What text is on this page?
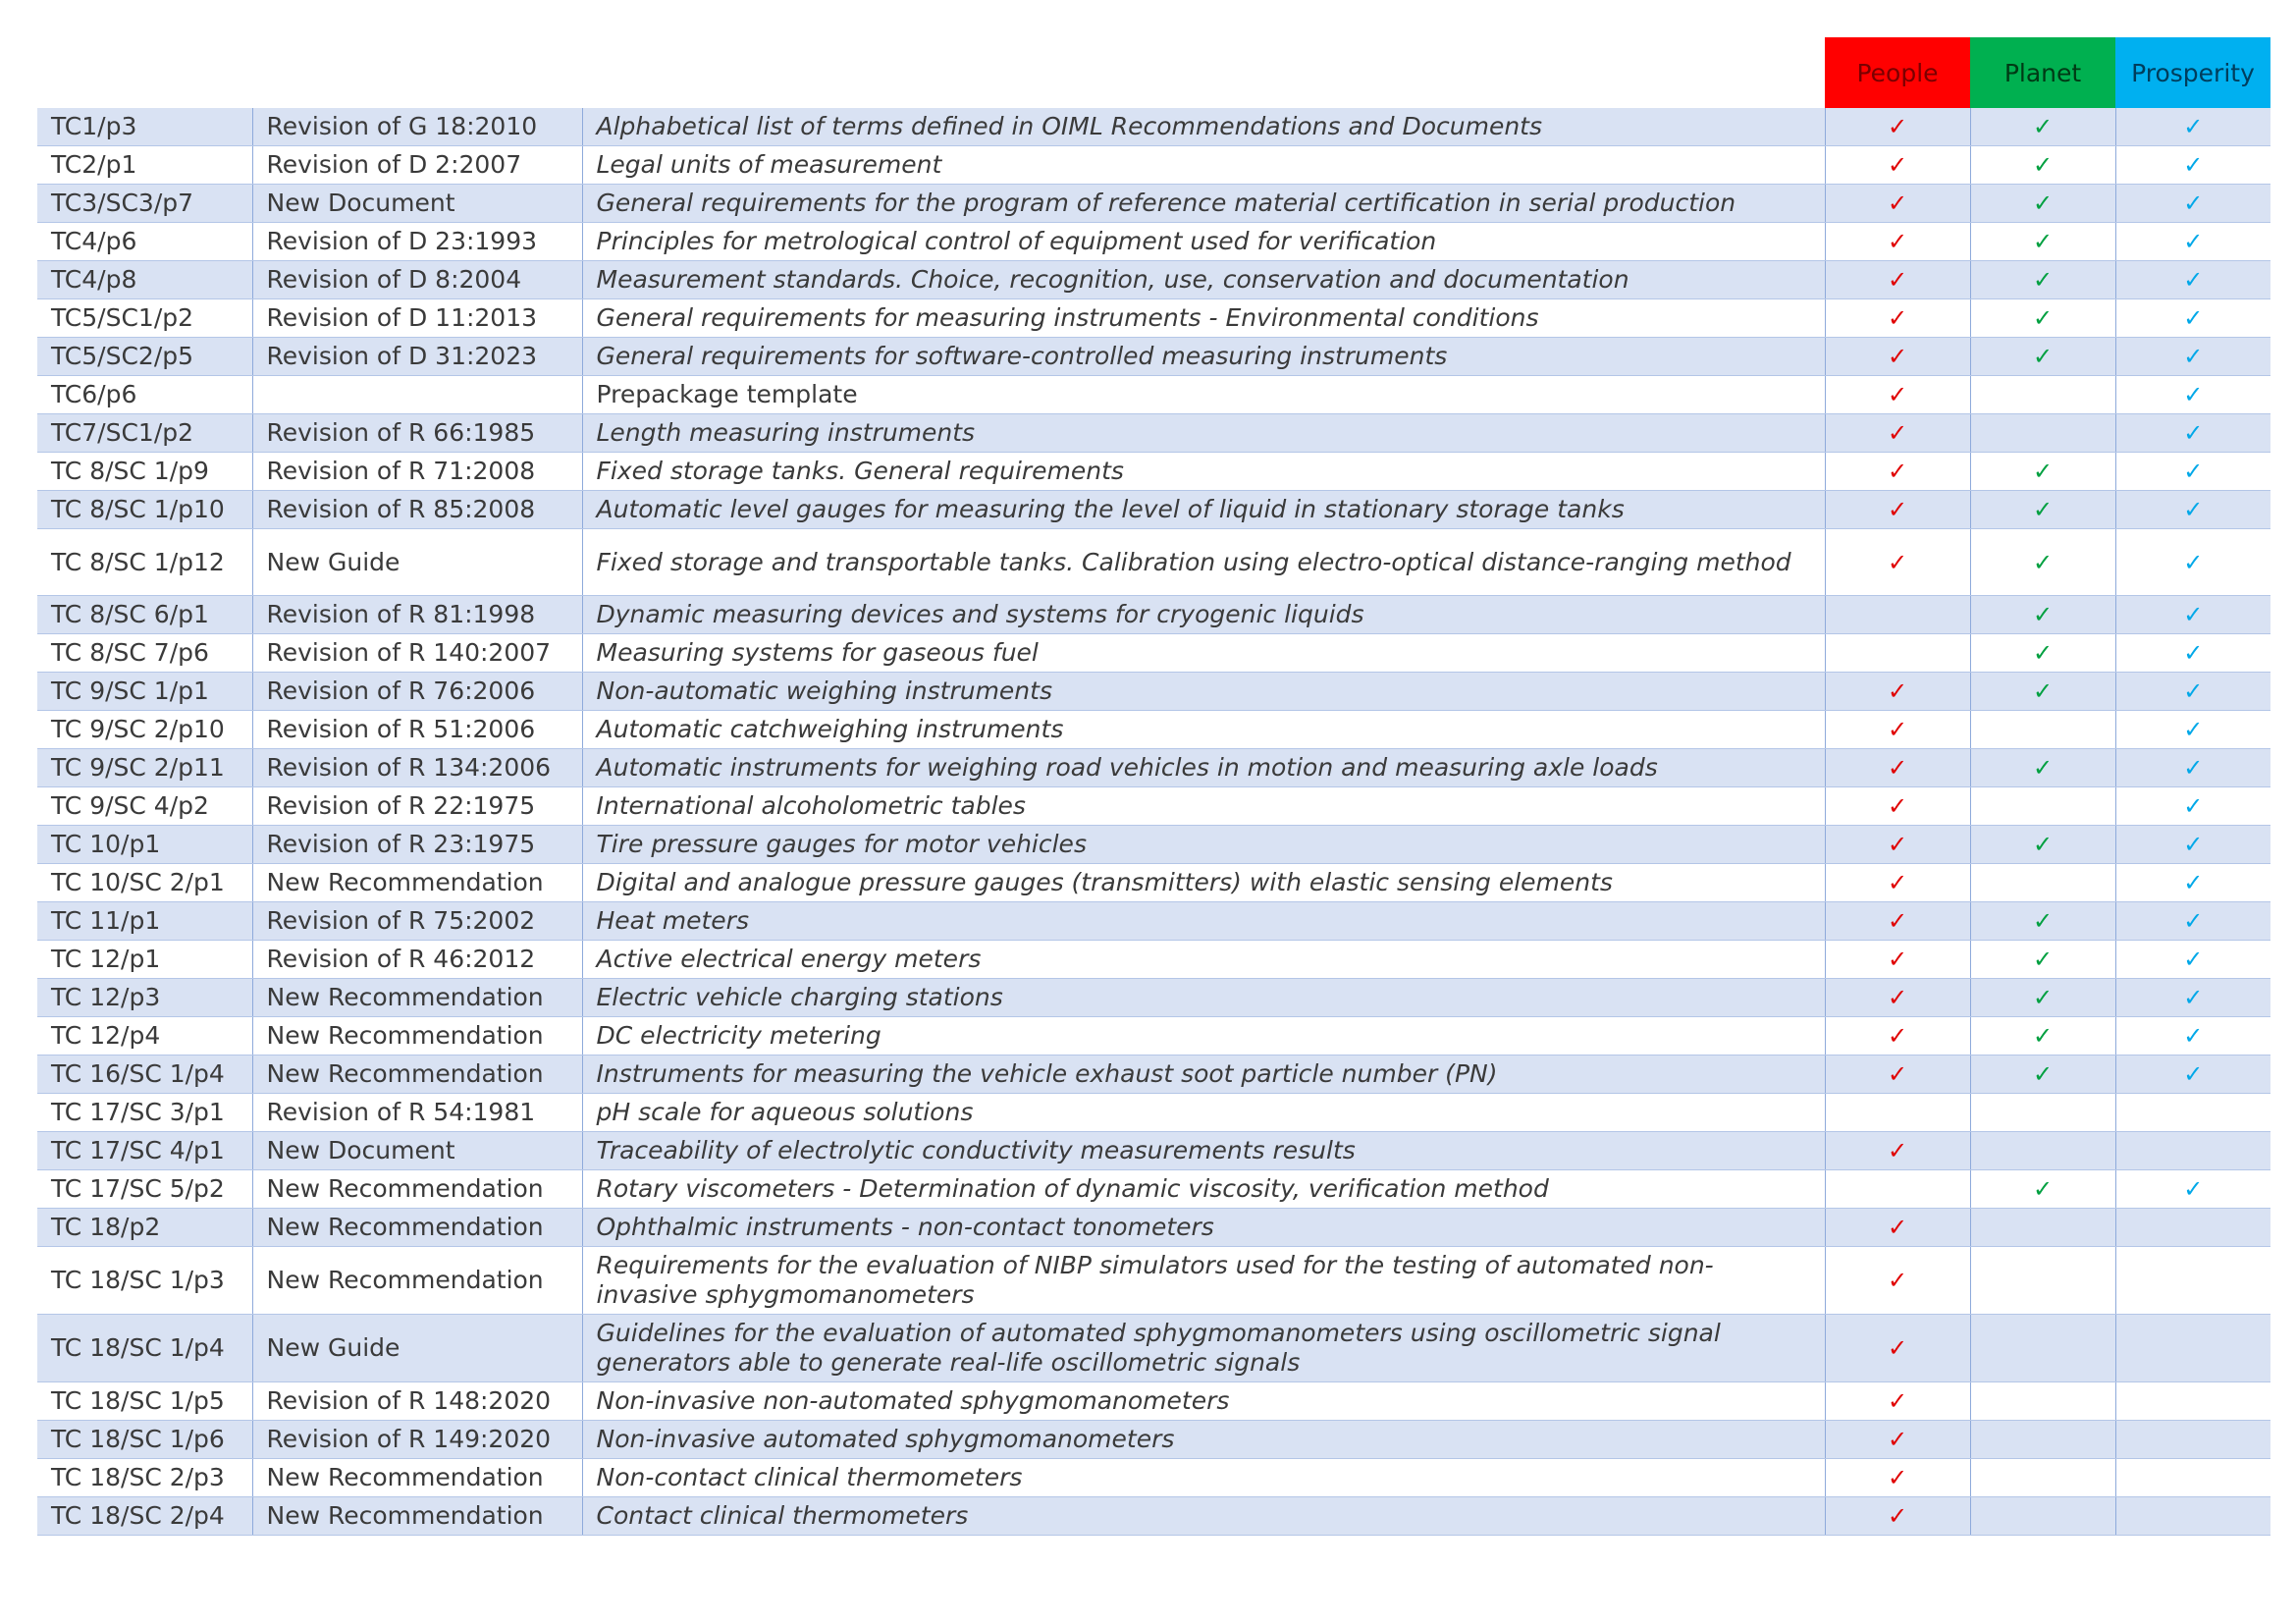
			People	Planet	Prosperity
TC1/p3	Revision of G 18:2010	Alphabetical list of terms defined in OIML Recommendations and Documents	✓	✓	✓
TC2/p1	Revision of D 2:2007	Legal units of measurement	✓	✓	✓
TC3/SC3/p7	New Document	General requirements for the program of reference material certification in serial production	✓	✓	✓
TC4/p6	Revision of D 23:1993	Principles for metrological control of equipment used for verification	✓	✓	✓
TC4/p8	Revision of D 8:2004	Measurement standards. Choice, recognition, use, conservation and documentation	✓	✓	✓
TC5/SC1/p2	Revision of D 11:2013	General requirements for measuring instruments - Environmental conditions	✓	✓	✓
TC5/SC2/p5	Revision of D 31:2023	General requirements for software-controlled measuring instruments	✓	✓	✓
TC6/p6		Prepackage template	✓		✓
TC7/SC1/p2	Revision of R 66:1985	Length measuring instruments	✓		✓
TC 8/SC 1/p9	Revision of R 71:2008	Fixed storage tanks. General requirements	✓	✓	✓
TC 8/SC 1/p10	Revision of R 85:2008	Automatic level gauges for measuring the level of liquid in stationary storage tanks	✓	✓	✓
TC 8/SC 1/p12	New Guide	Fixed storage and transportable tanks. Calibration using electro-optical distance-ranging method	✓	✓	✓
TC 8/SC 6/p1	Revision of R 81:1998	Dynamic measuring devices and systems for cryogenic liquids		✓	✓
TC 8/SC 7/p6	Revision of R 140:2007	Measuring systems for gaseous fuel		✓	✓
TC 9/SC 1/p1	Revision of R 76:2006	Non-automatic weighing instruments	✓	✓	✓
TC 9/SC 2/p10	Revision of R 51:2006	Automatic catchweighing instruments	✓		✓
TC 9/SC 2/p11	Revision of R 134:2006	Automatic instruments for weighing road vehicles in motion and measuring axle loads	✓	✓	✓
TC 9/SC 4/p2	Revision of R 22:1975	International alcoholometric tables	✓		✓
TC 10/p1	Revision of R 23:1975	Tire pressure gauges for motor vehicles	✓	✓	✓
TC 10/SC 2/p1	New Recommendation	Digital and analogue pressure gauges (transmitters) with elastic sensing elements	✓		✓
TC 11/p1	Revision of R 75:2002	Heat meters	✓	✓	✓
TC 12/p1	Revision of R 46:2012	Active electrical energy meters	✓	✓	✓
TC 12/p3	New Recommendation	Electric vehicle charging stations	✓	✓	✓
TC 12/p4	New Recommendation	DC electricity metering	✓	✓	✓
TC 16/SC 1/p4	New Recommendation	Instruments for measuring the vehicle exhaust soot particle number (PN)	✓	✓	✓
TC 17/SC 3/p1	Revision of R 54:1981	pH scale for aqueous solutions			
TC 17/SC 4/p1	New Document	Traceability of electrolytic conductivity measurements results	✓		
TC 17/SC 5/p2	New Recommendation	Rotary viscometers - Determination of dynamic viscosity, verification method		✓	✓
TC 18/p2	New Recommendation	Ophthalmic instruments - non-contact tonometers	✓		
TC 18/SC 1/p3	New Recommendation	Requirements for the evaluation of NIBP simulators used for the testing of automated non-invasive sphygmomanometers	✓		
TC 18/SC 1/p4	New Guide	Guidelines for the evaluation of automated sphygmomanometers using oscillometric signal generators able to generate real-life oscillometric signals	✓		
TC 18/SC 1/p5	Revision of R 148:2020	Non-invasive non-automated sphygmomanometers	✓		
TC 18/SC 1/p6	Revision of R 149:2020	Non-invasive automated sphygmomanometers	✓		
TC 18/SC 2/p3	New Recommendation	Non-contact clinical thermometers	✓		
TC 18/SC 2/p4	New Recommendation	Contact clinical thermometers	✓		
